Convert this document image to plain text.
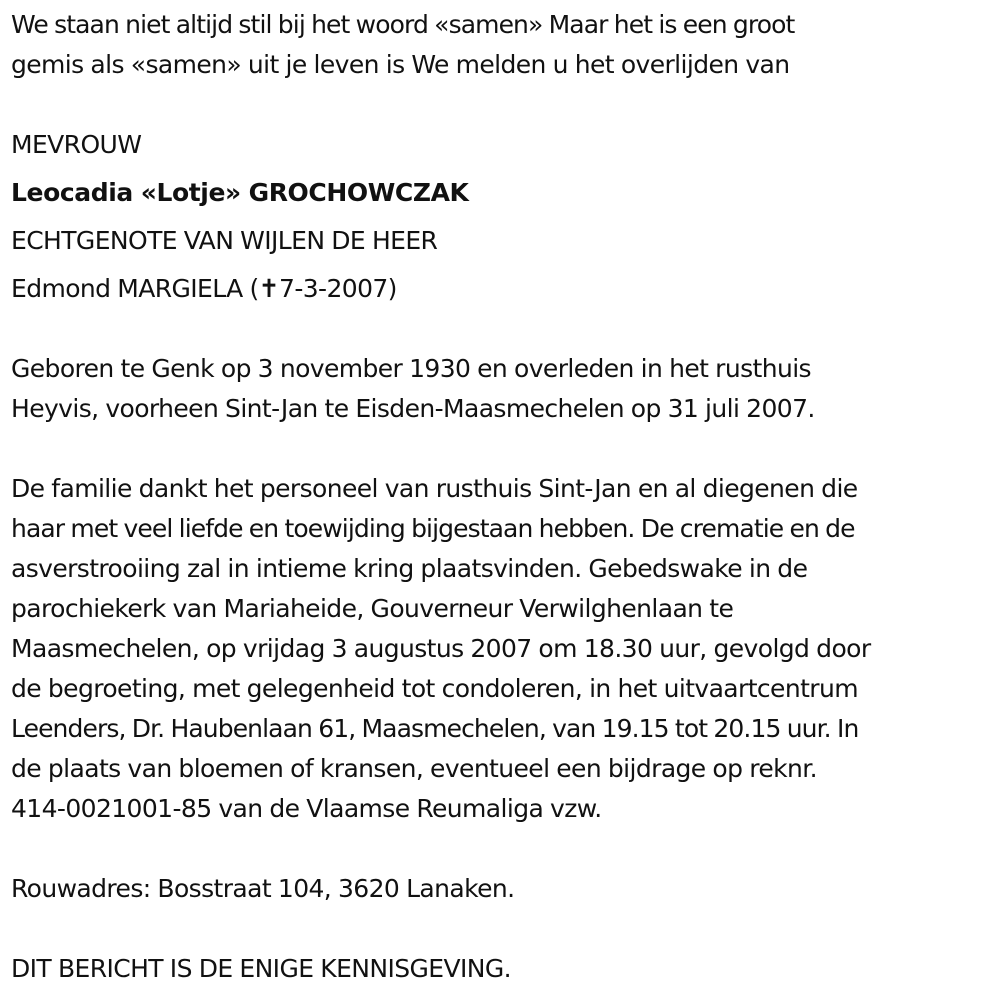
We staan niet altijd stil bij het woord «samen» Maar het is een groot
gemis als «samen» uit je leven is We melden u het overlijden van
MEVROUW
Leocadia «Lotje» GROCHOWCZAK
ECHTGENOTE VAN WIJLEN DE HEER
Edmond MARGIELA (✝7-3-2007)
Geboren te Genk op 3 november 1930 en overleden in het rusthuis
Heyvis, voorheen Sint-Jan te Eisden-Maasmechelen op 31 juli 2007.
De familie dankt het personeel van rusthuis Sint-Jan en al diegenen die
haar met veel liefde en toewijding bijgestaan hebben. De crematie en de
asverstrooiing zal in intieme kring plaatsvinden. Gebedswake in de
parochiekerk van Mariaheide, Gouverneur Verwilghenlaan te
Maasmechelen, op vrijdag 3 augustus 2007 om 18.30 uur, gevolgd door
de begroeting, met gelegenheid tot condoleren, in het uitvaartcentrum
Leenders, Dr. Haubenlaan 61, Maasmechelen, van 19.15 tot 20.15 uur. In
de plaats van bloemen of kransen, eventueel een bijdrage op reknr.
414-0021001-85 van de Vlaamse Reumaliga vzw.
Rouwadres: Bosstraat 104, 3620 Lanaken.
DIT BERICHT IS DE ENIGE KENNISGEVING.
